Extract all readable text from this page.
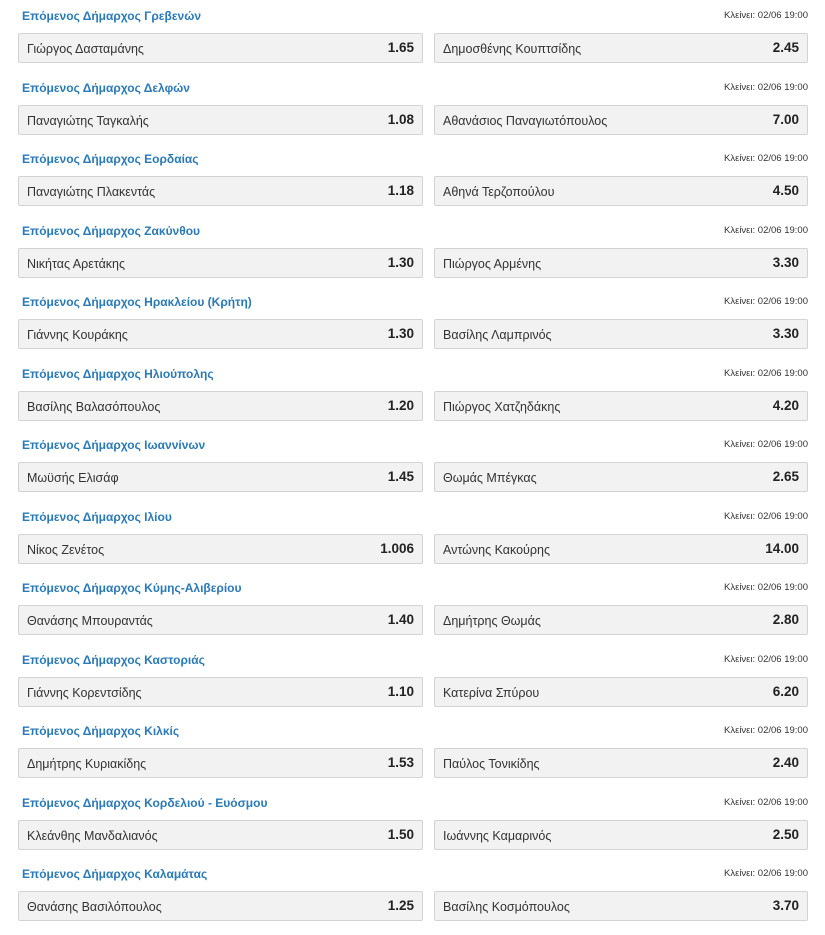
Επόμενος Δήμαρχος Γρεβενών	Κλείνει: 02/06 19:00
Γιώργος Δασταμάνης	1.65 Δημοσθένης Κουπτσίδης	2.45
Επόμενος Δήμαρχος Δελφών	Κλείνει: 02/06 19:00
Παναγιώτης Ταγκαλής	1.08 Αθανάσιος Παναγιωτόπουλος	7.00
Επόμενος Δήμαρχος Εορδαίας	Κλείνει: 02/06 19:00
Παναγιώτης Πλακεντάς	1.18 Αθηνά Τερζοπούλου	4.50
Επόμενος Δήμαρχος Ζακύνθου	Κλείνει: 02/06 19:00
Νικήτας Αρετάκης	1.30 Πιώργος Αρμένης	3.30
Επόμενος Δήμαρχος Ηρακλείου (Κρήτη)	Κλείνει: 02/06 19:00
Γιάννης Κουράκης	1.30 Βασίλης Λαμπρινός	3.30
Επόμενος Δήμαρχος Ηλιούπολης	Κλείνει: 02/06 19:00
Βασίλης Βαλασόπουλος	1.20 Πιώργος Χατζηδάκης	4.20
Επόμενος Δήμαρχος Ιωαννίνων	Κλείνει: 02/06 19:00
Μωϋσής Ελισάφ	1.45 Θωμάς Μπέγκας	2.65
Επόμενος Δήμαρχος Ιλίου	Κλείνει: 02/06 19:00
Νίκος Ζενέτος	1.006 Αντώνης Κακούρης	14.00
Επόμενος Δήμαρχος Κύμης-Αλιβερίου	Κλείνει: 02/06 19:00
Θανάσης Μπουραντάς	1.40 Δημήτρης Θωμάς	2.80
Επόμενος Δήμαρχος Καστοριάς	Κλείνει: 02/06 19:00
Γιάννης Κορεντσίδης	1.10 Κατερίνα Σπύρου	6.20
Επόμενος Δήμαρχος Κιλκίς	Κλείνει: 02/06 19:00
Δημήτρης Κυριακίδης	1.53 Παύλος Τονικίδης	2.40
Επόμενος Δήμαρχος Κορδελιού - Ευόσμου	Κλείνει: 02/06 19:00
Κλεάνθης Μανδαλιανός	1.50 Ιωάννης Καμαρινός	2.50
Επόμενος Δήμαρχος Καλαμάτας	Κλείνει: 02/06 19:00
Θανάσης Βασιλόπουλος	1.25 Βασίλης Κοσμόπουλος	3.70
